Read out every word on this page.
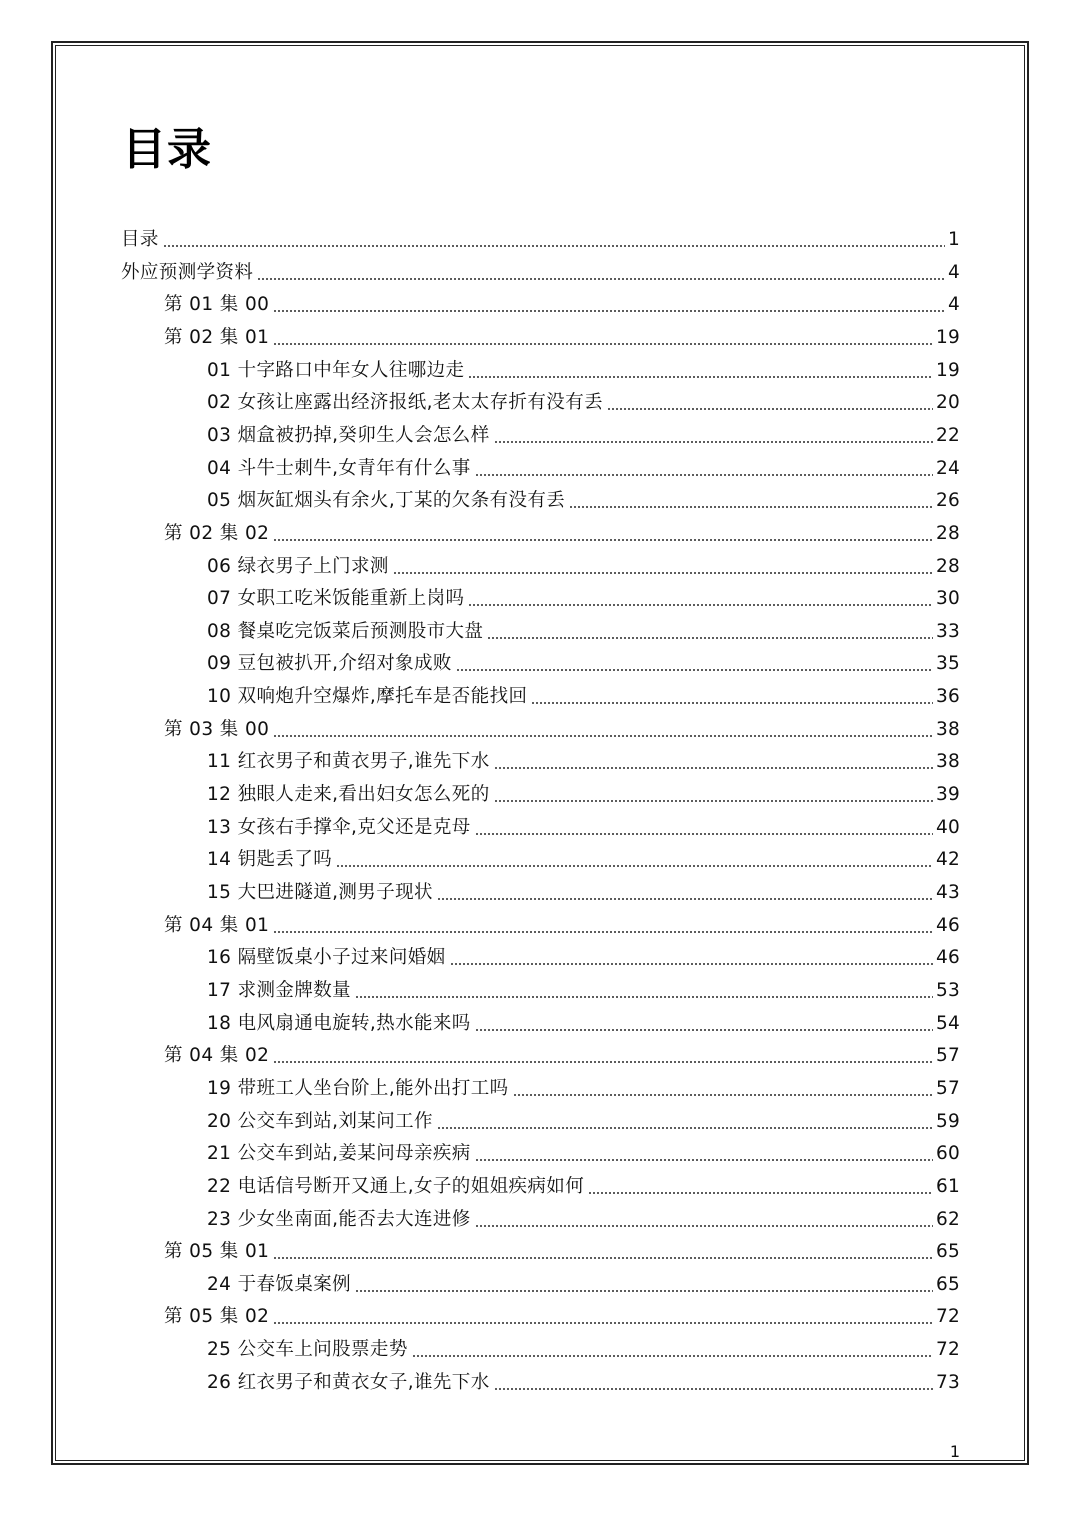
目录
目录	1
外应预测学资料	4
第 01 集 00	4
第 02 集 01	19
01 十字路口中年女人往哪边走	19
02 女孩让座露出经济报纸,老太太存折有没有丢	20
03 烟盒被扔掉,癸卯生人会怎么样	22
04 斗牛士刺牛,女青年有什么事	24
05 烟灰缸烟头有余火,丁某的欠条有没有丢	26
第 02 集 02	28
06 绿衣男子上门求测	28
07 女职工吃米饭能重新上岗吗	30
08 餐桌吃完饭菜后预测股市大盘	33
09 豆包被扒开,介绍对象成败	35
10 双响炮升空爆炸,摩托车是否能找回	36
第 03 集 00	38
11 红衣男子和黄衣男子,谁先下水	38
12 独眼人走来,看出妇女怎么死的	39
13 女孩右手撑伞,克父还是克母	40
14 钥匙丢了吗	42
15 大巴进隧道,测男子现状	43
第 04 集 01	46
16 隔壁饭桌小子过来问婚姻	46
17 求测金牌数量	53
18 电风扇通电旋转,热水能来吗	54
第 04 集 02	57
19 带班工人坐台阶上,能外出打工吗	57
20 公交车到站,刘某问工作	59
21 公交车到站,姜某问母亲疾病	60
22 电话信号断开又通上,女子的姐姐疾病如何	61
23 少女坐南面,能否去大连进修	62
第 05 集 01	65
24 于春饭桌案例	65
第 05 集 02	72
25 公交车上问股票走势	72
26 红衣男子和黄衣女子,谁先下水	73
1
